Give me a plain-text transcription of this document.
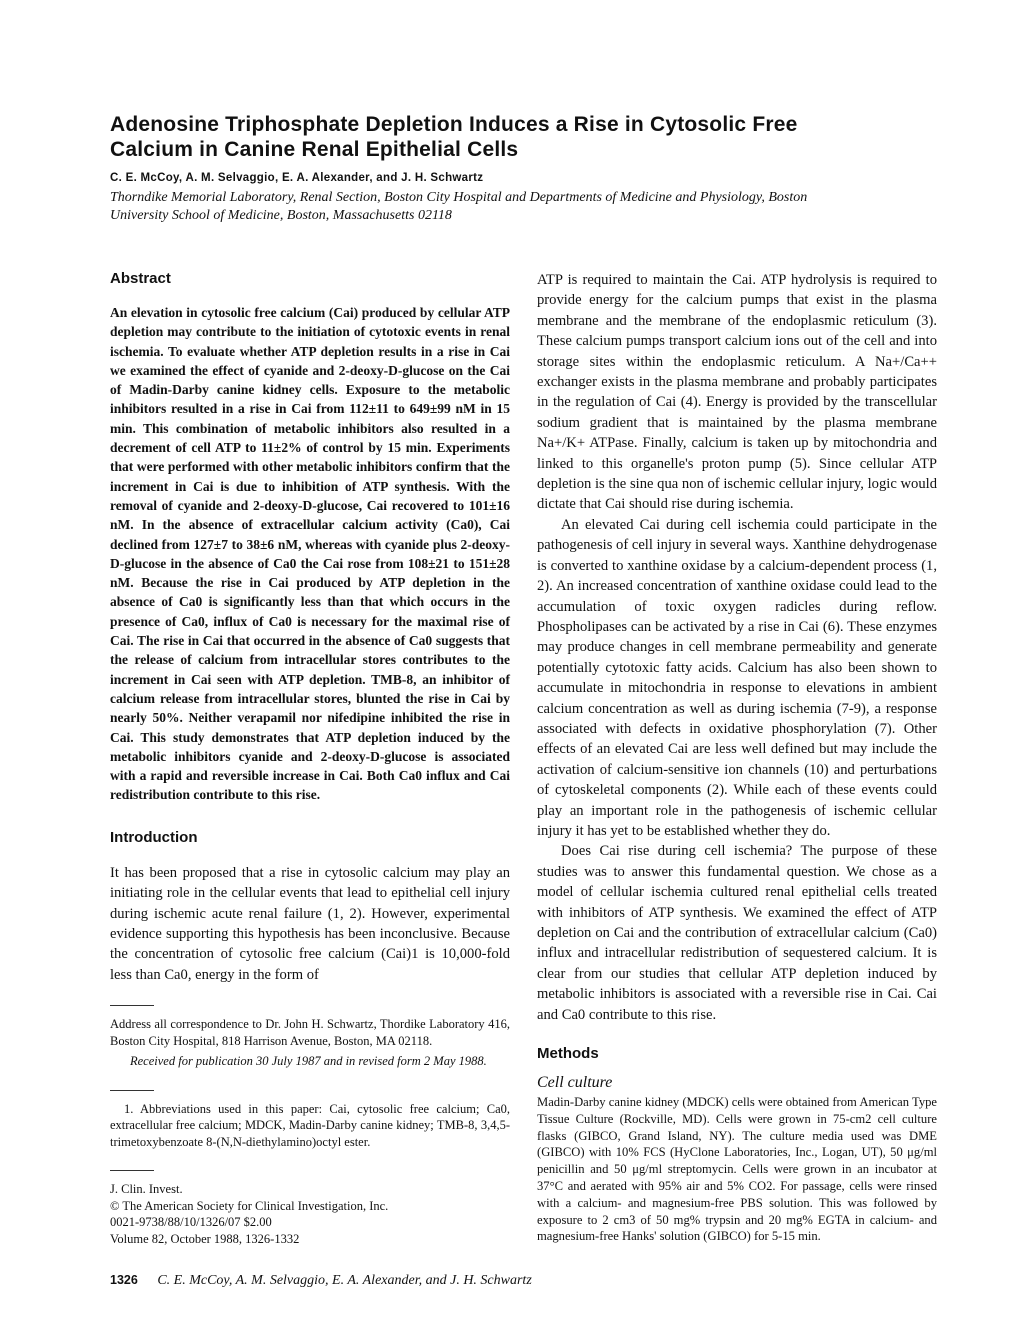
Adenosine Triphosphate Depletion Induces a Rise in Cytosolic Free Calcium in Canine Renal Epithelial Cells
C. E. McCoy, A. M. Selvaggio, E. A. Alexander, and J. H. Schwartz
Thorndike Memorial Laboratory, Renal Section, Boston City Hospital and Departments of Medicine and Physiology, Boston University School of Medicine, Boston, Massachusetts 02118
Abstract

An elevation in cytosolic free calcium (Cai) produced by cellular ATP depletion may contribute to the initiation of cytotoxic events in renal ischemia. To evaluate whether ATP depletion results in a rise in Cai we examined the effect of cyanide and 2-deoxy-D-glucose on the Cai of Madin-Darby canine kidney cells. Exposure to the metabolic inhibitors resulted in a rise in Cai from 112±11 to 649±99 nM in 15 min. This combination of metabolic inhibitors also resulted in a decrement of cell ATP to 11±2% of control by 15 min. Experiments that were performed with other metabolic inhibitors confirm that the increment in Cai is due to inhibition of ATP synthesis. With the removal of cyanide and 2-deoxy-D-glucose, Cai recovered to 101±16 nM. In the absence of extracellular calcium activity (Ca0), Cai declined from 127±7 to 38±6 nM, whereas with cyanide plus 2-deoxy-D-glucose in the absence of Ca0 the Cai rose from 108±21 to 151±28 nM. Because the rise in Cai produced by ATP depletion in the absence of Ca0 is significantly less than that which occurs in the presence of Ca0, influx of Ca0 is necessary for the maximal rise of Cai. The rise in Cai that occurred in the absence of Ca0 suggests that the release of calcium from intracellular stores contributes to the increment in Cai seen with ATP depletion. TMB-8, an inhibitor of calcium release from intracellular stores, blunted the rise in Cai by nearly 50%. Neither verapamil nor nifedipine inhibited the rise in Cai. This study demonstrates that ATP depletion induced by the metabolic inhibitors cyanide and 2-deoxy-D-glucose is associated with a rapid and reversible increase in Cai. Both Ca0 influx and Cai redistribution contribute to this rise.

Introduction

It has been proposed that a rise in cytosolic calcium may play an initiating role in the cellular events that lead to epithelial cell injury during ischemic acute renal failure (1, 2). However, experimental evidence supporting this hypothesis has been inconclusive. Because the concentration of cytosolic free calcium (Cai)1 is 10,000-fold less than Ca0, energy in the form of

Address all correspondence to Dr. John H. Schwartz, Thordike Laboratory 416, Boston City Hospital, 818 Harrison Avenue, Boston, MA 02118.

Received for publication 30 July 1987 and in revised form 2 May 1988.

1. Abbreviations used in this paper: Cai, cytosolic free calcium; Ca0, extracellular free calcium; MDCK, Madin-Darby canine kidney; TMB-8, 3,4,5-trimetoxybenzoate 8-(N,N-diethylamino)octyl ester.

J. Clin. Invest.
© The American Society for Clinical Investigation, Inc.
0021-9738/88/10/1326/07 $2.00
Volume 82, October 1988, 1326-1332

ATP is required to maintain the Cai. ATP hydrolysis is required to provide energy for the calcium pumps that exist in the plasma membrane and the membrane of the endoplasmic reticulum (3). These calcium pumps transport calcium ions out of the cell and into storage sites within the endoplasmic reticulum. A Na+/Ca++ exchanger exists in the plasma membrane and probably participates in the regulation of Cai (4). Energy is provided by the transcellular sodium gradient that is maintained by the plasma membrane Na+/K+ ATPase. Finally, calcium is taken up by mitochondria and linked to this organelle's proton pump (5). Since cellular ATP depletion is the sine qua non of ischemic cellular injury, logic would dictate that Cai should rise during ischemia.

An elevated Cai during cell ischemia could participate in the pathogenesis of cell injury in several ways. Xanthine dehydrogenase is converted to xanthine oxidase by a calcium-dependent process (1, 2). An increased concentration of xanthine oxidase could lead to the accumulation of toxic oxygen radicles during reflow. Phospholipases can be activated by a rise in Cai (6). These enzymes may produce changes in cell membrane permeability and generate potentially cytotoxic fatty acids. Calcium has also been shown to accumulate in mitochondria in response to elevations in ambient calcium concentration as well as during ischemia (7-9), a response associated with defects in oxidative phosphorylation (7). Other effects of an elevated Cai are less well defined but may include the activation of calcium-sensitive ion channels (10) and perturbations of cytoskeletal components (2). While each of these events could play an important role in the pathogenesis of ischemic cellular injury it has yet to be established whether they do.

Does Cai rise during cell ischemia? The purpose of these studies was to answer this fundamental question. We chose as a model of cellular ischemia cultured renal epithelial cells treated with inhibitors of ATP synthesis. We examined the effect of ATP depletion on Cai and the contribution of extracellular calcium (Ca0) influx and intracellular redistribution of sequestered calcium. It is clear from our studies that cellular ATP depletion induced by metabolic inhibitors is associated with a reversible rise in Cai. Cai and Ca0 contribute to this rise.

Methods
Cell culture

Madin-Darby canine kidney (MDCK) cells were obtained from American Type Tissue Culture (Rockville, MD). Cells were grown in 75-cm2 cell culture flasks (GIBCO, Grand Island, NY). The culture media used was DME (GIBCO) with 10% FCS (HyClone Laboratories, Inc., Logan, UT), 50 μg/ml penicillin and 50 μg/ml streptomycin. Cells were grown in an incubator at 37°C and aerated with 95% air and 5% CO2. For passage, cells were rinsed with a calcium- and magnesium-free PBS solution. This was followed by exposure to 2 cm3 of 50 mg% trypsin and 20 mg% EGTA in calcium- and magnesium-free Hanks' solution (GIBCO) for 5-15 min.

1326 C. E. McCoy, A. M. Selvaggio, E. A. Alexander, and J. H. Schwartz
